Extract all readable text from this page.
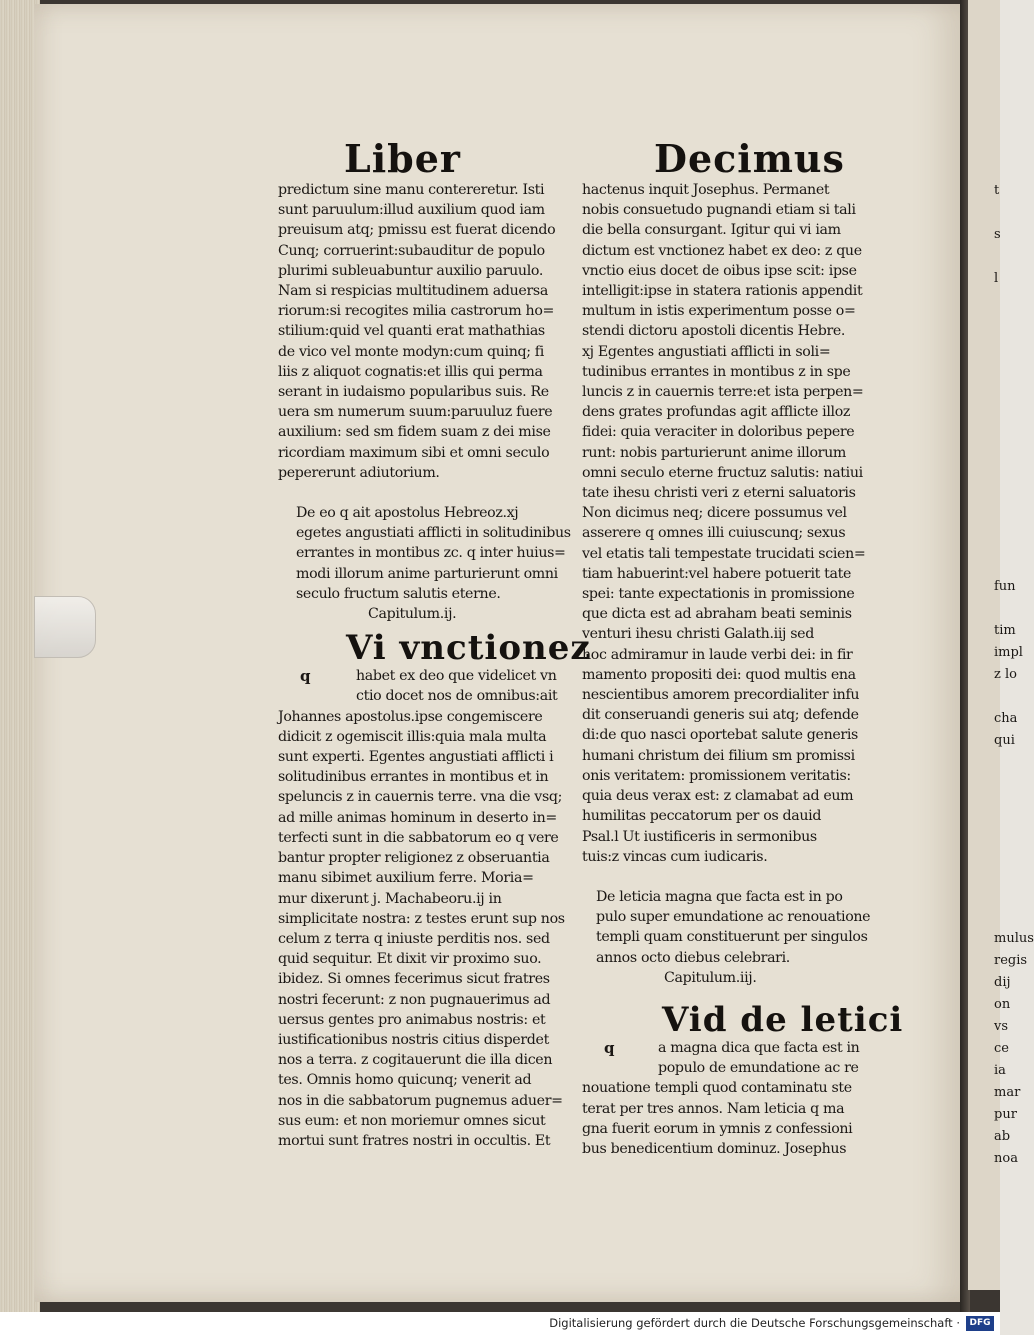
Liber	Decimus
predictum sine manu contereretur. Isti
sunt paruulum:illud auxilium quod iam
preuisum atq; pmissu est fuerat dicendo
Cunq; corruerint:subauditur de populo
plurimi subleuabuntur auxilio paruulo.
Nam si respicias multitudinem aduersa
riorum:si recogites milia castrorum ho=
stilium:quid vel quanti erat mathathias
de vico vel monte modyn:cum quinq; fi
liis z aliquot cognatis:et illis qui perma
serant in iudaismo popularibus suis. Re
uera sm numerum suum:paruuluz fuere
auxilium: sed sm fidem suam z dei mise
ricordiam maximum sibi et omni seculo
pepererunt adiutorium.
De eo q ait apostolus Hebreoz.xj
egetes angustiati afflicti in solitudinibus
errantes in montibus zc. q inter huius=
modi illorum anime parturierunt omni
seculo fructum salutis eterne.
Capitulum.ij.
Vi vnctionez
q	habet ex deo que videlicet vn
ctio docet nos de omnibus:ait
Johannes apostolus.ipse congemiscere
didicit z ogemiscit illis:quia mala multa
sunt experti. Egentes angustiati afflicti i
solitudinibus errantes in montibus et in
speluncis z in cauernis terre. vna die vsq;
ad mille animas hominum in deserto in=
terfecti sunt in die sabbatorum eo q vere
bantur propter religionez z obseruantia
manu sibimet auxilium ferre. Moria=
mur dixerunt j. Machabeoru.ij in
simplicitate nostra: z testes erunt sup nos
celum z terra q iniuste perditis nos. sed
quid sequitur. Et dixit vir proximo suo.
ibidez. Si omnes fecerimus sicut fratres
nostri fecerunt: z non pugnauerimus ad
uersus gentes pro animabus nostris: et
iustificationibus nostris citius disperdet
nos a terra. z cogitauerunt die illa dicen
tes. Omnis homo quicunq; venerit ad
nos in die sabbatorum pugnemus aduer=
sus eum: et non moriemur omnes sicut
mortui sunt fratres nostri in occultis. Et
hactenus inquit Josephus. Permanet
nobis consuetudo pugnandi etiam si tali
die bella consurgant. Igitur qui vi iam
dictum est vnctionez habet ex deo: z que
vnctio eius docet de oibus ipse scit: ipse
intelligit:ipse in statera rationis appendit
multum in istis experimentum posse o=
stendi dictoru apostoli dicentis Hebre.
xj Egentes angustiati afflicti in soli=
tudinibus errantes in montibus z in spe
luncis z in cauernis terre:et ista perpen=
dens grates profundas agit afflicte illoz
fidei: quia veraciter in doloribus pepere
runt: nobis parturierunt anime illorum
omni seculo eterne fructuz salutis: natiui
tate ihesu christi veri z eterni saluatoris
Non dicimus neq; dicere possumus vel
asserere q omnes illi cuiuscunq; sexus
vel etatis tali tempestate trucidati scien=
tiam habuerint:vel habere potuerit tate
spei: tante expectationis in promissione
que dicta est ad abraham beati seminis
venturi ihesu christi Galath.iij sed
hoc admiramur in laude verbi dei: in fir
mamento propositi dei: quod multis ena
nescientibus amorem precordialiter infu
dit conseruandi generis sui atq; defende
di:de quo nasci oportebat salute generis
humani christum dei filium sm promissi
onis veritatem: promissionem veritatis:
quia deus verax est: z clamabat ad eum
humilitas peccatorum per os dauid
Psal.l Ut iustificeris in sermonibus
tuis:z vincas cum iudicaris.
De leticia magna que facta est in po
pulo super emundatione ac renouatione
templi quam constituerunt per singulos
annos octo diebus celebrari.
Capitulum.iij.
Vid de letici
q	a magna dica que facta est in
populo de emundatione ac re
nouatione templi quod contaminatu ste
terat per tres annos. Nam leticia q ma
gna fuerit eorum in ymnis z confessioni
bus benedicentium dominuz. Josephus
t
s
l
fun
tim
impl
z lo
cha
qui
mulus
regis
dij
on
vs
ce
ia
mar
pur
ab
noa
Digitalisierung gefördert durch die Deutsche Forschungsgemeinschaft ·	DFG
